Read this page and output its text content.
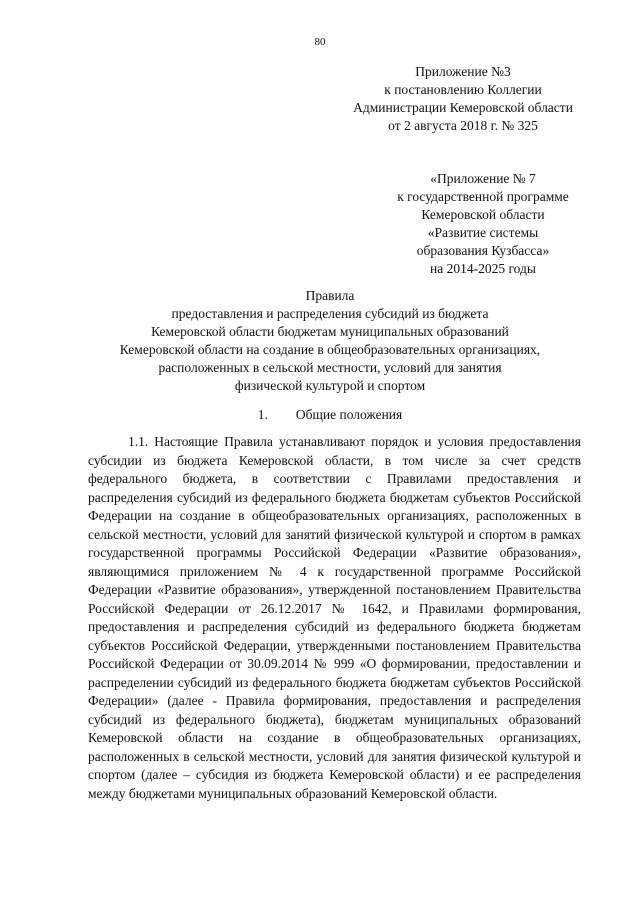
80
Приложение №3
к постановлению Коллегии
Администрации Кемеровской области
от 2 августа 2018 г. № 325
«Приложение № 7
к государственной программе
Кемеровской области
«Развитие системы
образования Кузбасса»
на 2014-2025 годы
Правила
предоставления и распределения субсидий из бюджета
Кемеровской области бюджетам муниципальных образований
Кемеровской области на создание в общеобразовательных организациях,
расположенных в сельской местности, условий для занятия
физической культурой и спортом
1. Общие положения

1.1. Настоящие Правила устанавливают порядок и условия предоставления субсидии из бюджета Кемеровской области, в том числе за счет средств федерального бюджета, в соответствии с Правилами предоставления и распределения субсидий из федерального бюджета бюджетам субъектов Российской Федерации на создание в общеобразовательных организациях, расположенных в сельской местности, условий для занятий физической культурой и спортом в рамках государственной программы Российской Федерации «Развитие образования», являющимися приложением № 4 к государственной программе Российской Федерации «Развитие образования», утвержденной постановлением Правительства Российской Федерации от 26.12.2017 № 1642, и Правилами формирования, предоставления и распределения субсидий из федерального бюджета бюджетам субъектов Российской Федерации, утвержденными постановлением Правительства Российской Федерации от 30.09.2014 № 999 «О формировании, предоставлении и распределении субсидий из федерального бюджета бюджетам субъектов Российской Федерации» (далее - Правила формирования, предоставления и распределения субсидий из федерального бюджета), бюджетам муниципальных образований Кемеровской области на создание в общеобразовательных организациях, расположенных в сельской местности, условий для занятия физической культурой и спортом (далее – субсидия из бюджета Кемеровской области) и ее распределения между бюджетами муниципальных образований Кемеровской области.
